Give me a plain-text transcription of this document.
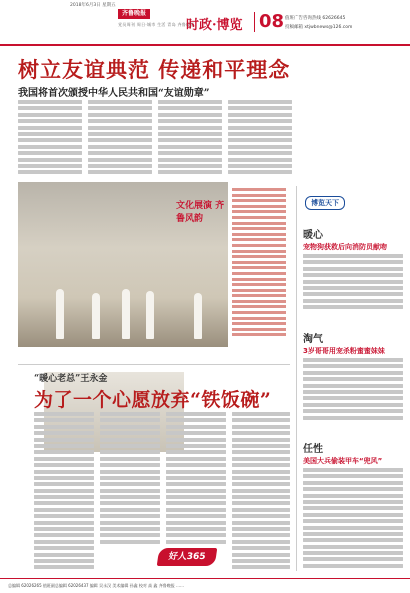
2018年6月3日 星期五
齐鲁晚报
党员周刊 周日·城市 生活 青岛 齐鲁晚报
时政·博览 08 值班广告咨询热线 62626645
投稿邮箱 xtjwbnews@126.com
树立友谊典范 传递和平理念
我国将首次颁授中华人民共和国“友谊勋章”
文化展演 齐鲁风韵
“暖心老总”王永金
为了一个心愿放弃“铁饭碗”
好人365
博览天下
暖心
宠物狗获救后向消防员献吻
淘气
3岁哥哥用宠杀粉蜜蜜妹妹
任性
美国大兵偷装甲车“兜风”
总编辑 62026265 值班副总编辑 62026437 编辑 吴永汉 美术编辑 孙鑫 校对 高 鑫 齐鲁晚报 ……
